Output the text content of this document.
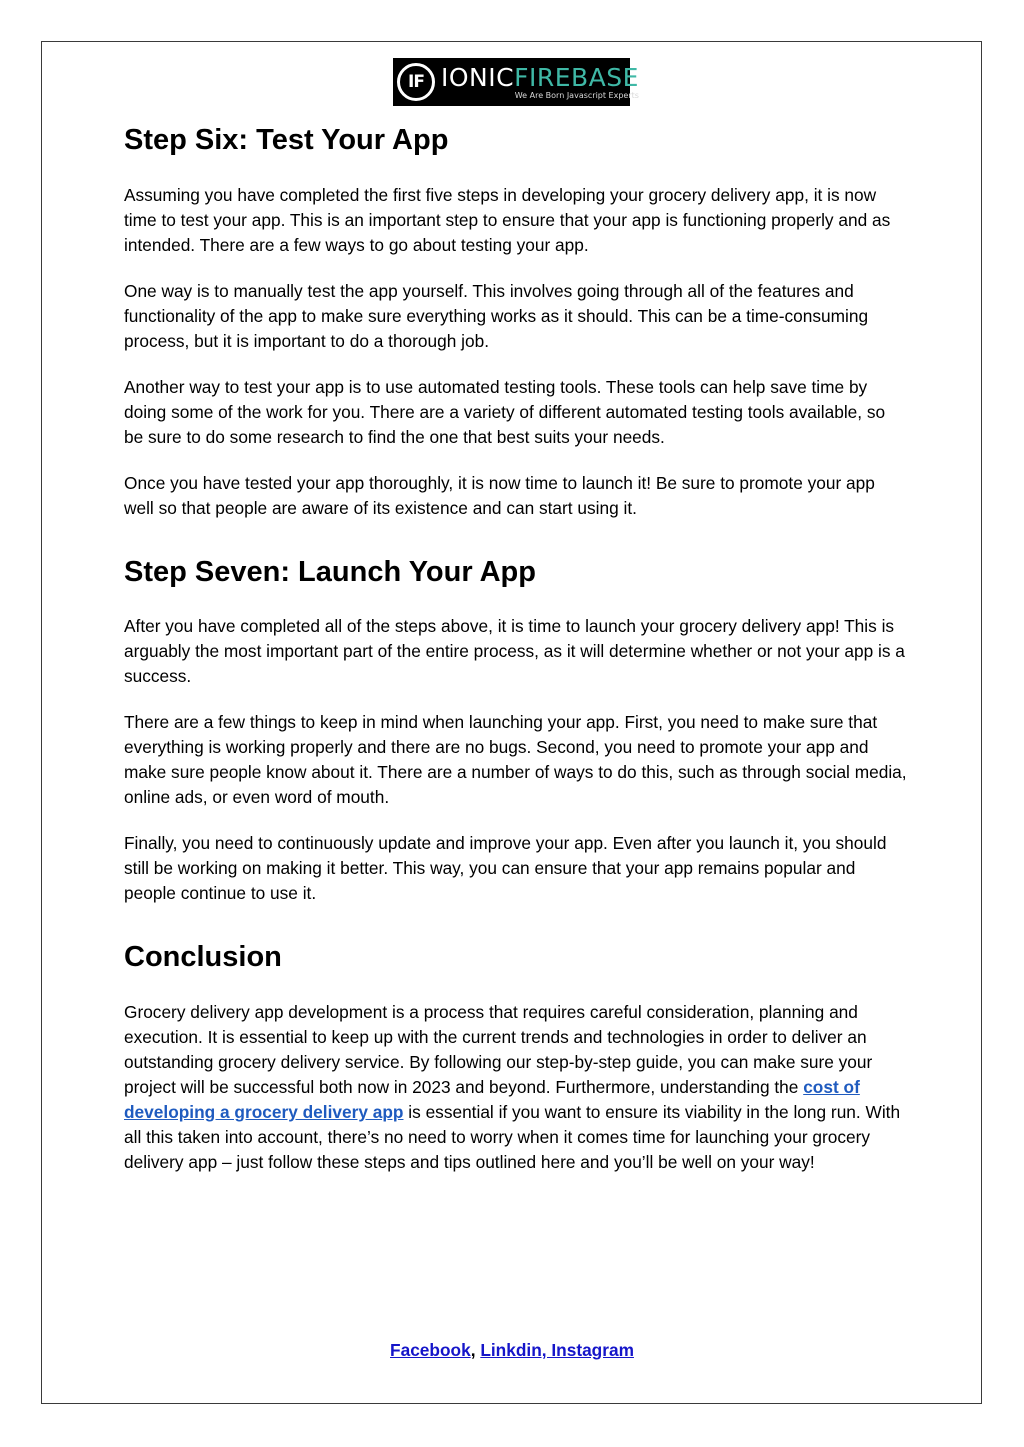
IF IONICFIREBASE
We Are Born Javascript Experts
Step Six: Test Your App

Assuming you have completed the first five steps in developing your grocery delivery app, it is now time to test your app. This is an important step to ensure that your app is functioning properly and as intended. There are a few ways to go about testing your app.

One way is to manually test the app yourself. This involves going through all of the features and functionality of the app to make sure everything works as it should. This can be a time-consuming process, but it is important to do a thorough job.

Another way to test your app is to use automated testing tools. These tools can help save time by doing some of the work for you. There are a variety of different automated testing tools available, so be sure to do some research to find the one that best suits your needs.

Once you have tested your app thoroughly, it is now time to launch it! Be sure to promote your app well so that people are aware of its existence and can start using it.

Step Seven: Launch Your App

After you have completed all of the steps above, it is time to launch your grocery delivery app! This is arguably the most important part of the entire process, as it will determine whether or not your app is a success.

There are a few things to keep in mind when launching your app. First, you need to make sure that everything is working properly and there are no bugs. Second, you need to promote your app and make sure people know about it. There are a number of ways to do this, such as through social media, online ads, or even word of mouth.

Finally, you need to continuously update and improve your app. Even after you launch it, you should still be working on making it better. This way, you can ensure that your app remains popular and people continue to use it.

Conclusion

Grocery delivery app development is a process that requires careful consideration, planning and execution. It is essential to keep up with the current trends and technologies in order to deliver an outstanding grocery delivery service. By following our step-by-step guide, you can make sure your project will be successful both now in 2023 and beyond. Furthermore, understanding the cost of developing a grocery delivery app is essential if you want to ensure its viability in the long run. With all this taken into account, there’s no need to worry when it comes time for launching your grocery delivery app – just follow these steps and tips outlined here and you’ll be well on your way!

Facebook, Linkdin, Instagram
